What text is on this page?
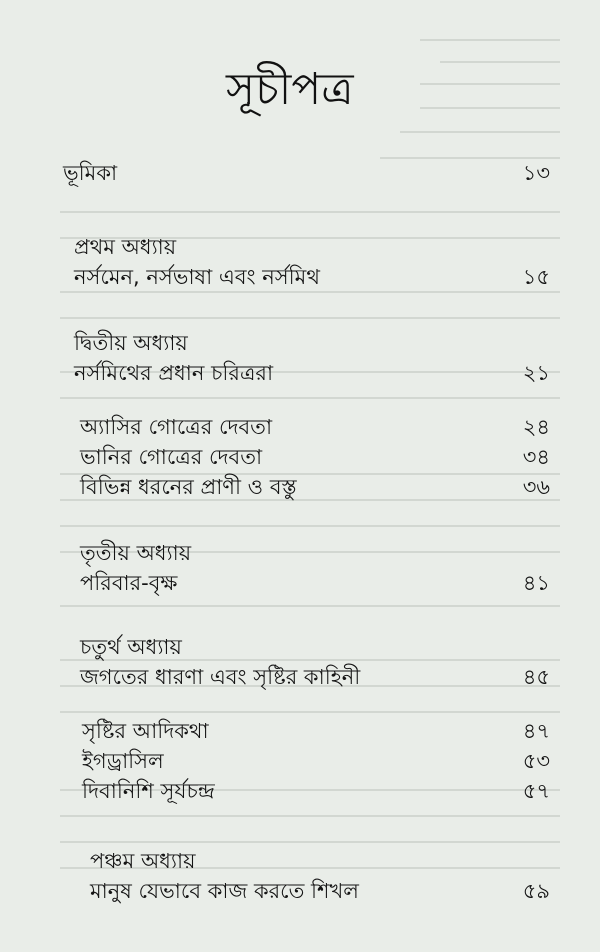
সূচীপত্র
ভূমিকা	১৩
প্রথম অধ্যায়
নর্সমেন, নর্সভাষা এবং নর্সমিথ	১৫
দ্বিতীয় অধ্যায়
নর্সমিথের প্রধান চরিত্ররা	২১
অ্যাসির গোত্রের দেবতা	২৪
ভানির গোত্রের দেবতা	৩৪
বিভিন্ন ধরনের প্রাণী ও বস্তু	৩৬
তৃতীয় অধ্যায়
পরিবার-বৃক্ষ	৪১
চতুর্থ অধ্যায়
জগতের ধারণা এবং সৃষ্টির কাহিনী	৪৫
সৃষ্টির আদিকথা	৪৭
ইগড্রাসিল	৫৩
দিবানিশি সূর্যচন্দ্র	৫৭
পঞ্চম অধ্যায়
মানুষ যেভাবে কাজ করতে শিখল	৫৯
